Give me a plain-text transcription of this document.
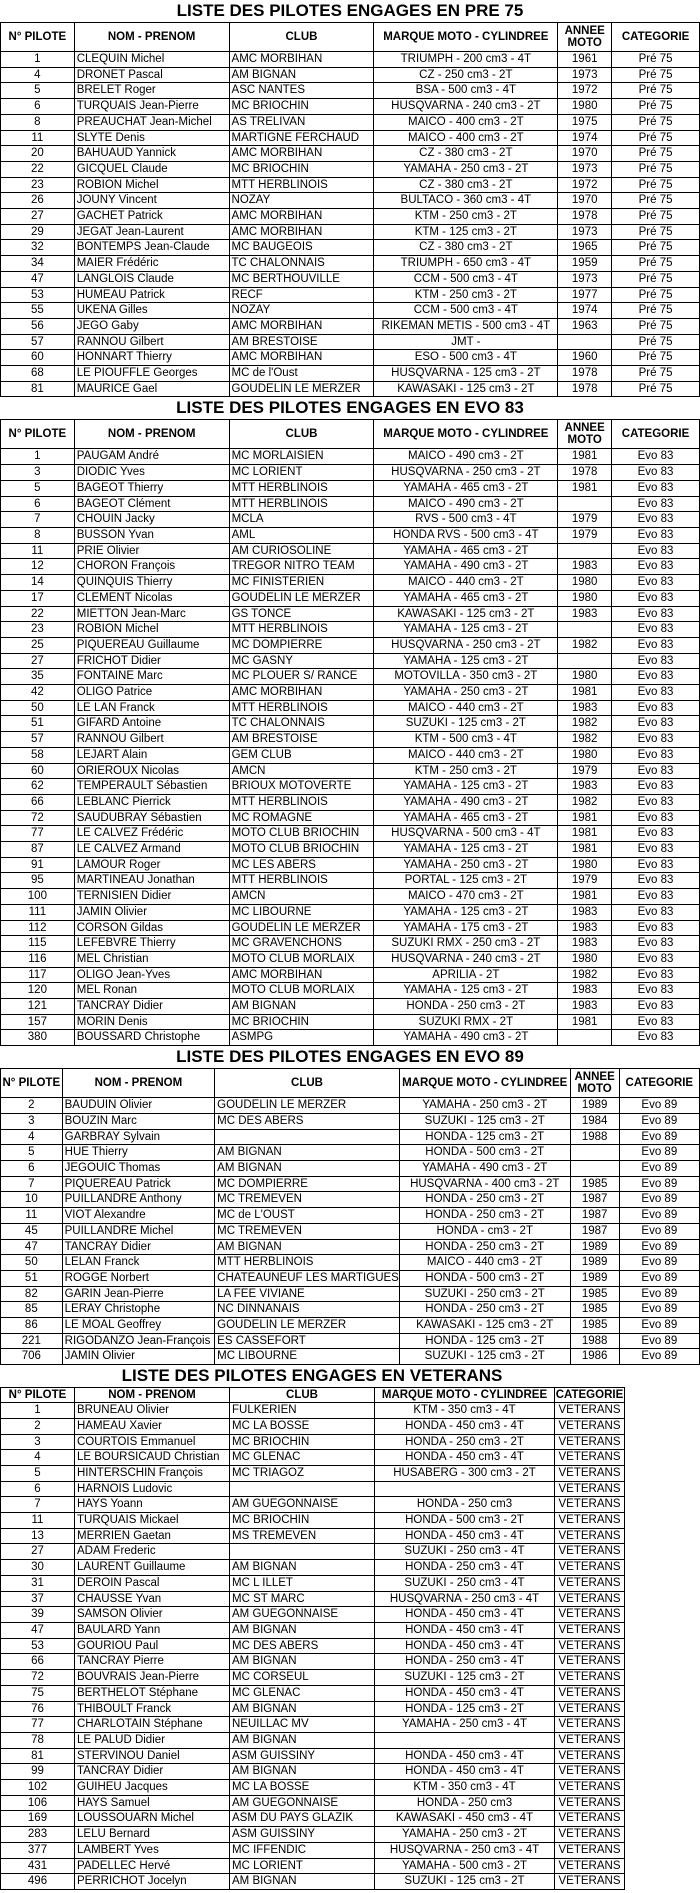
LISTE DES PILOTES ENGAGES EN PRE 75
N° PILOTE	NOM - PRENOM	CLUB	MARQUE MOTO - CYLINDREE	ANNEE MOTO	CATEGORIE
1	CLEQUIN Michel	AMC MORBIHAN	TRIUMPH - 200 cm3 - 4T	1961	Pré 75
4	DRONET Pascal	AM BIGNAN	CZ - 250 cm3 - 2T	1973	Pré 75
5	BRELET Roger	ASC NANTES	BSA - 500 cm3 - 4T	1972	Pré 75
6	TURQUAIS Jean-Pierre	MC BRIOCHIN	HUSQVARNA - 240 cm3 - 2T	1980	Pré 75
8	PREAUCHAT Jean-Michel	AS TRELIVAN	MAICO - 400 cm3 - 2T	1975	Pré 75
11	SLYTE Denis	MARTIGNE FERCHAUD	MAICO - 400 cm3 - 2T	1974	Pré 75
20	BAHUAUD Yannick	AMC MORBIHAN	CZ - 380 cm3 - 2T	1970	Pré 75
22	GICQUEL Claude	MC BRIOCHIN	YAMAHA - 250 cm3 - 2T	1973	Pré 75
23	ROBION Michel	MTT HERBLINOIS	CZ - 380 cm3 - 2T	1972	Pré 75
26	JOUNY Vincent	NOZAY	BULTACO - 360 cm3 - 4T	1970	Pré 75
27	GACHET Patrick	AMC MORBIHAN	KTM - 250 cm3 - 2T	1978	Pré 75
29	JEGAT Jean-Laurent	AMC MORBIHAN	KTM - 125 cm3 - 2T	1973	Pré 75
32	BONTEMPS Jean-Claude	MC BAUGEOIS	CZ - 380 cm3 - 2T	1965	Pré 75
34	MAIER Frédéric	TC CHALONNAIS	TRIUMPH - 650 cm3 - 4T	1959	Pré 75
47	LANGLOIS Claude	MC BERTHOUVILLE	CCM - 500 cm3 - 4T	1973	Pré 75
53	HUMEAU Patrick	RECF	KTM - 250 cm3 - 2T	1977	Pré 75
55	UKENA Gilles	NOZAY	CCM - 500 cm3 - 4T	1974	Pré 75
56	JEGO Gaby	AMC MORBIHAN	RIKEMAN METIS - 500 cm3 - 4T	1963	Pré 75
57	RANNOU Gilbert	AM BRESTOISE	JMT -		Pré 75
60	HONNART Thierry	AMC MORBIHAN	ESO - 500 cm3 - 4T	1960	Pré 75
68	LE PIOUFFLE Georges	MC de l'Oust	HUSQVARNA - 125 cm3 - 2T	1978	Pré 75
81	MAURICE Gael	GOUDELIN LE MERZER	KAWASAKI - 125 cm3 - 2T	1978	Pré 75
LISTE DES PILOTES ENGAGES EN EVO 83
N° PILOTE	NOM - PRENOM	CLUB	MARQUE MOTO - CYLINDREE	ANNEE MOTO	CATEGORIE
1	PAUGAM André	MC MORLAISIEN	MAICO - 490 cm3 - 2T	1981	Evo 83
3	DIODIC Yves	MC LORIENT	HUSQVARNA - 250 cm3 - 2T	1978	Evo 83
5	BAGEOT Thierry	MTT HERBLINOIS	YAMAHA - 465 cm3 - 2T	1981	Evo 83
6	BAGEOT Clément	MTT HERBLINOIS	MAICO - 490 cm3 - 2T		Evo 83
7	CHOUIN Jacky	MCLA	RVS - 500 cm3 - 4T	1979	Evo 83
8	BUSSON Yvan	AML	HONDA RVS - 500 cm3 - 4T	1979	Evo 83
11	PRIE Olivier	AM CURIOSOLINE	YAMAHA - 465 cm3 - 2T		Evo 83
12	CHORON François	TREGOR NITRO TEAM	YAMAHA - 490 cm3 - 2T	1983	Evo 83
14	QUINQUIS Thierry	MC FINISTERIEN	MAICO - 440 cm3 - 2T	1980	Evo 83
17	CLEMENT Nicolas	GOUDELIN LE MERZER	YAMAHA - 465 cm3 - 2T	1980	Evo 83
22	MIETTON Jean-Marc	GS TONCE	KAWASAKI - 125 cm3 - 2T	1983	Evo 83
23	ROBION Michel	MTT HERBLINOIS	YAMAHA - 125 cm3 - 2T		Evo 83
25	PIQUEREAU Guillaume	MC DOMPIERRE	HUSQVARNA - 250 cm3 - 2T	1982	Evo 83
27	FRICHOT Didier	MC GASNY	YAMAHA - 125 cm3 - 2T		Evo 83
35	FONTAINE Marc	MC PLOUER S/ RANCE	MOTOVILLA - 350 cm3 - 2T	1980	Evo 83
42	OLIGO Patrice	AMC MORBIHAN	YAMAHA - 250 cm3 - 2T	1981	Evo 83
50	LE LAN Franck	MTT HERBLINOIS	MAICO - 440 cm3 - 2T	1983	Evo 83
51	GIFARD Antoine	TC CHALONNAIS	SUZUKI - 125 cm3 - 2T	1982	Evo 83
57	RANNOU Gilbert	AM BRESTOISE	KTM - 500 cm3 - 4T	1982	Evo 83
58	LEJART Alain	GEM CLUB	MAICO - 440 cm3 - 2T	1980	Evo 83
60	ORIEROUX Nicolas	AMCN	KTM - 250 cm3 - 2T	1979	Evo 83
62	TEMPERAULT Sébastien	BRIOUX MOTOVERTE	YAMAHA - 125 cm3 - 2T	1983	Evo 83
66	LEBLANC Pierrick	MTT HERBLINOIS	YAMAHA - 490 cm3 - 2T	1982	Evo 83
72	SAUDUBRAY Sébastien	MC ROMAGNE	YAMAHA - 465 cm3 - 2T	1981	Evo 83
77	LE CALVEZ Frédéric	MOTO CLUB BRIOCHIN	HUSQVARNA - 500 cm3 - 4T	1981	Evo 83
87	LE CALVEZ Armand	MOTO CLUB BRIOCHIN	YAMAHA - 125 cm3 - 2T	1981	Evo 83
91	LAMOUR Roger	MC LES ABERS	YAMAHA - 250 cm3 - 2T	1980	Evo 83
95	MARTINEAU Jonathan	MTT HERBLINOIS	PORTAL - 125 cm3 - 2T	1979	Evo 83
100	TERNISIEN Didier	AMCN	MAICO - 470 cm3 - 2T	1981	Evo 83
111	JAMIN Olivier	MC LIBOURNE	YAMAHA - 125 cm3 - 2T	1983	Evo 83
112	CORSON Gildas	GOUDELIN LE MERZER	YAMAHA - 175 cm3 - 2T	1983	Evo 83
115	LEFEBVRE Thierry	MC GRAVENCHONS	SUZUKI RMX - 250 cm3 - 2T	1983	Evo 83
116	MEL Christian	MOTO CLUB MORLAIX	HUSQVARNA - 240 cm3 - 2T	1980	Evo 83
117	OLIGO Jean-Yves	AMC MORBIHAN	APRILIA - 2T	1982	Evo 83
120	MEL Ronan	MOTO CLUB MORLAIX	YAMAHA - 125 cm3 - 2T	1983	Evo 83
121	TANCRAY Didier	AM BIGNAN	HONDA - 250 cm3 - 2T	1983	Evo 83
157	MORIN Denis	MC BRIOCHIN	SUZUKI RMX - 2T	1981	Evo 83
380	BOUSSARD Christophe	ASMPG	YAMAHA - 490 cm3 - 2T		Evo 83
LISTE DES PILOTES ENGAGES EN EVO 89
N° PILOTE	NOM - PRENOM	CLUB	MARQUE MOTO - CYLINDREE	ANNEE MOTO	CATEGORIE
2	BAUDUIN Olivier	GOUDELIN LE MERZER	YAMAHA - 250 cm3 - 2T	1989	Evo 89
3	BOUZIN Marc	MC DES ABERS	SUZUKI - 125 cm3 - 2T	1984	Evo 89
4	GARBRAY Sylvain		HONDA - 125 cm3 - 2T	1988	Evo 89
5	HUE Thierry	AM BIGNAN	HONDA - 500 cm3 - 2T		Evo 89
6	JEGOUIC Thomas	AM BIGNAN	YAMAHA - 490 cm3 - 2T		Evo 89
7	PIQUEREAU Patrick	MC DOMPIERRE	HUSQVARNA - 400 cm3 - 2T	1985	Evo 89
10	PUILLANDRE Anthony	MC TREMEVEN	HONDA - 250 cm3 - 2T	1987	Evo 89
11	VIOT Alexandre	MC de L'OUST	HONDA - 250 cm3 - 2T	1987	Evo 89
45	PUILLANDRE Michel	MC TREMEVEN	HONDA - cm3 - 2T	1987	Evo 89
47	TANCRAY Didier	AM BIGNAN	HONDA - 250 cm3 - 2T	1989	Evo 89
50	LELAN Franck	MTT HERBLINOIS	MAICO - 440 cm3 - 2T	1989	Evo 89
51	ROGGE Norbert	CHATEAUNEUF LES MARTIGUES	HONDA - 500 cm3 - 2T	1989	Evo 89
82	GARIN Jean-Pierre	LA FEE VIVIANE	SUZUKI - 250 cm3 - 2T	1985	Evo 89
85	LERAY Christophe	NC DINNANAIS	HONDA - 250 cm3 - 2T	1985	Evo 89
86	LE MOAL Geoffrey	GOUDELIN LE MERZER	KAWASAKI - 125 cm3 - 2T	1985	Evo 89
221	RIGODANZO Jean-François	ES CASSEFORT	HONDA - 125 cm3 - 2T	1988	Evo 89
706	JAMIN Olivier	MC LIBOURNE	SUZUKI - 125 cm3 - 2T	1986	Evo 89
LISTE DES PILOTES ENGAGES EN VETERANS
N° PILOTE	NOM - PRENOM	CLUB	MARQUE MOTO - CYLINDREE	CATEGORIE
1	BRUNEAU Olivier	FULKERIEN	KTM - 350 cm3 - 4T	VETERANS
2	HAMEAU Xavier	MC LA BOSSE	HONDA - 450 cm3 - 4T	VETERANS
3	COURTOIS Emmanuel	MC BRIOCHIN	HONDA - 250 cm3 - 2T	VETERANS
4	LE BOURSICAUD Christian	MC GLENAC	HONDA - 450 cm3 - 4T	VETERANS
5	HINTERSCHIN François	MC TRIAGOZ	HUSABERG - 300 cm3 - 2T	VETERANS
6	HARNOIS Ludovic			VETERANS
7	HAYS Yoann	AM GUEGONNAISE	HONDA - 250 cm3	VETERANS
11	TURQUAIS Mickael	MC BRIOCHIN	HONDA - 500 cm3 - 2T	VETERANS
13	MERRIEN Gaetan	MS TREMEVEN	HONDA - 450 cm3 - 4T	VETERANS
27	ADAM Frederic		SUZUKI - 250 cm3 - 4T	VETERANS
30	LAURENT Guillaume	AM BIGNAN	HONDA - 250 cm3 - 4T	VETERANS
31	DEROIN Pascal	MC L ILLET	SUZUKI - 250 cm3 - 4T	VETERANS
37	CHAUSSE Yvan	MC ST MARC	HUSQVARNA - 250 cm3 - 4T	VETERANS
39	SAMSON Olivier	AM GUEGONNAISE	HONDA - 450 cm3 - 4T	VETERANS
47	BAULARD Yann	AM BIGNAN	HONDA - 450 cm3 - 4T	VETERANS
53	GOURIOU Paul	MC DES ABERS	HONDA - 450 cm3 - 4T	VETERANS
66	TANCRAY Pierre	AM BIGNAN	HONDA - 250 cm3 - 4T	VETERANS
72	BOUVRAIS Jean-Pierre	MC CORSEUL	SUZUKI - 125 cm3 - 2T	VETERANS
75	BERTHELOT Stéphane	MC GLENAC	HONDA - 450 cm3 - 4T	VETERANS
76	THIBOULT Franck	AM BIGNAN	HONDA - 125 cm3 - 2T	VETERANS
77	CHARLOTAIN Stéphane	NEUILLAC MV	YAMAHA - 250 cm3 - 4T	VETERANS
78	LE PALUD Didier	AM BIGNAN		VETERANS
81	STERVINOU Daniel	ASM GUISSINY	HONDA - 450 cm3 - 4T	VETERANS
99	TANCRAY Didier	AM BIGNAN	HONDA - 450 cm3 - 4T	VETERANS
102	GUIHEU Jacques	MC LA BOSSE	KTM - 350 cm3 - 4T	VETERANS
106	HAYS Samuel	AM GUEGONNAISE	HONDA - 250 cm3	VETERANS
169	LOUSSOUARN Michel	ASM DU PAYS GLAZIK	KAWASAKI - 450 cm3 - 4T	VETERANS
283	LELU Bernard	ASM GUISSINY	YAMAHA - 250 cm3 - 2T	VETERANS
377	LAMBERT Yves	MC IFFENDIC	HUSQVARNA - 250 cm3 - 4T	VETERANS
431	PADELLEC Hervé	MC LORIENT	YAMAHA - 500 cm3 - 2T	VETERANS
496	PERRICHOT Jocelyn	AM BIGNAN	SUZUKI - 125 cm3 - 2T	VETERANS
